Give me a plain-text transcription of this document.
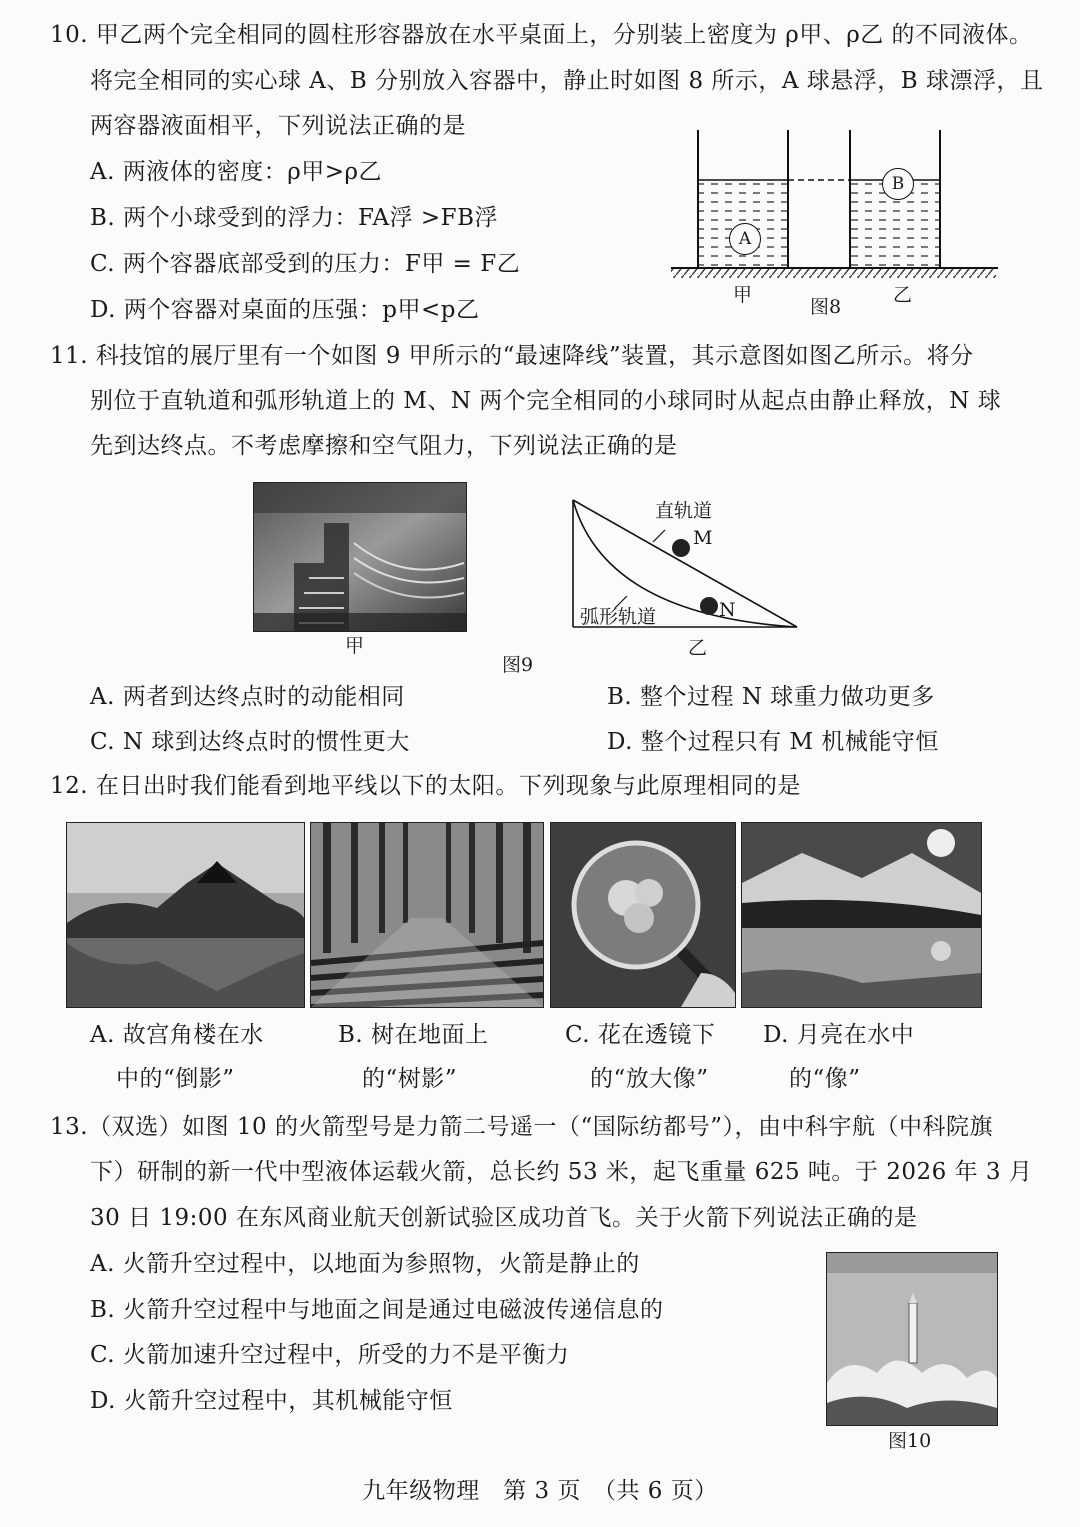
10. 甲乙两个完全相同的圆柱形容器放在水平桌面上，分别装上密度为 ρ甲、ρ乙 的不同液体。
将完全相同的实心球 A、B 分别放入容器中，静止时如图 8 所示，A 球悬浮，B 球漂浮，且
两容器液面相平，下列说法正确的是
A. 两液体的密度：ρ甲>ρ乙
B. 两个小球受到的浮力：FA浮 >FB浮
C. 两个容器底部受到的压力：F甲 = F乙
D. 两个容器对桌面的压强：p甲<p乙
A
B
甲
图8
乙
11. 科技馆的展厅里有一个如图 9 甲所示的“最速降线”装置，其示意图如图乙所示。将分
别位于直轨道和弧形轨道上的 M、N 两个完全相同的小球同时从起点由静止释放，N 球
先到达终点。不考虑摩擦和空气阻力，下列说法正确的是
甲
直轨道
M
N
弧形轨道
乙
图9
A. 两者到达终点时的动能相同	B. 整个过程 N 球重力做功更多
C. N 球到达终点时的惯性更大	D. 整个过程只有 M 机械能守恒
12. 在日出时我们能看到地平线以下的太阳。下列现象与此原理相同的是
A. 故宫角楼在水
中的“倒影”
B. 树在地面上
的“树影”
C. 花在透镜下
的“放大像”
D. 月亮在水中
的“像”
13.（双选）如图 10 的火箭型号是力箭二号遥一（“国际纺都号”），由中科宇航（中科院旗
下）研制的新一代中型液体运载火箭，总长约 53 米，起飞重量 625 吨。于 2026 年 3 月
30 日 19:00 在东风商业航天创新试验区成功首飞。关于火箭下列说法正确的是
A. 火箭升空过程中，以地面为参照物，火箭是静止的
B. 火箭升空过程中与地面之间是通过电磁波传递信息的
C. 火箭加速升空过程中，所受的力不是平衡力
D. 火箭升空过程中，其机械能守恒
图10
九年级物理　第 3 页　（共 6 页）
